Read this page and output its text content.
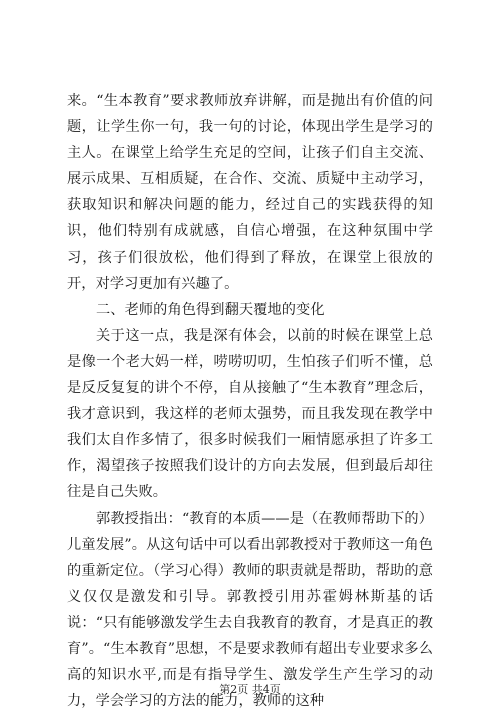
来。“生本教育”要求教师放弃讲解，而是抛出有价值的问题，让学生你一句，我一句的讨论，体现出学生是学习的主人。在课堂上给学生充足的空间，让孩子们自主交流、展示成果、互相质疑，在合作、交流、质疑中主动学习，获取知识和解决问题的能力，经过自己的实践获得的知识，他们特别有成就感，自信心增强，在这种氛围中学习，孩子们很放松，他们得到了释放，在课堂上很放的开，对学习更加有兴趣了。

二、老师的角色得到翻天覆地的变化

关于这一点，我是深有体会，以前的时候在课堂上总是像一个老大妈一样，唠唠叨叨，生怕孩子们听不懂，总是反反复复的讲个不停，自从接触了“生本教育”理念后，我才意识到，我这样的老师太强势，而且我发现在教学中我们太自作多情了，很多时候我们一厢情愿承担了许多工作，渴望孩子按照我们设计的方向去发展，但到最后却往往是自己失败。

郭教授指出：“教育的本质——是（在教师帮助下的）儿童发展”。从这句话中可以看出郭教授对于教师这一角色的重新定位。（学习心得）教师的职责就是帮助，帮助的意义仅仅是激发和引导。郭教授引用苏霍姆林斯基的话说：“只有能够激发学生去自我教育的教育，才是真正的教育”。“生本教育”思想，不是要求教师有超出专业要求多么高的知识水平,而是有指导学生、激发学生产生学习的动力，学会学习的方法的能力，教师的这种

第2页 共4页
